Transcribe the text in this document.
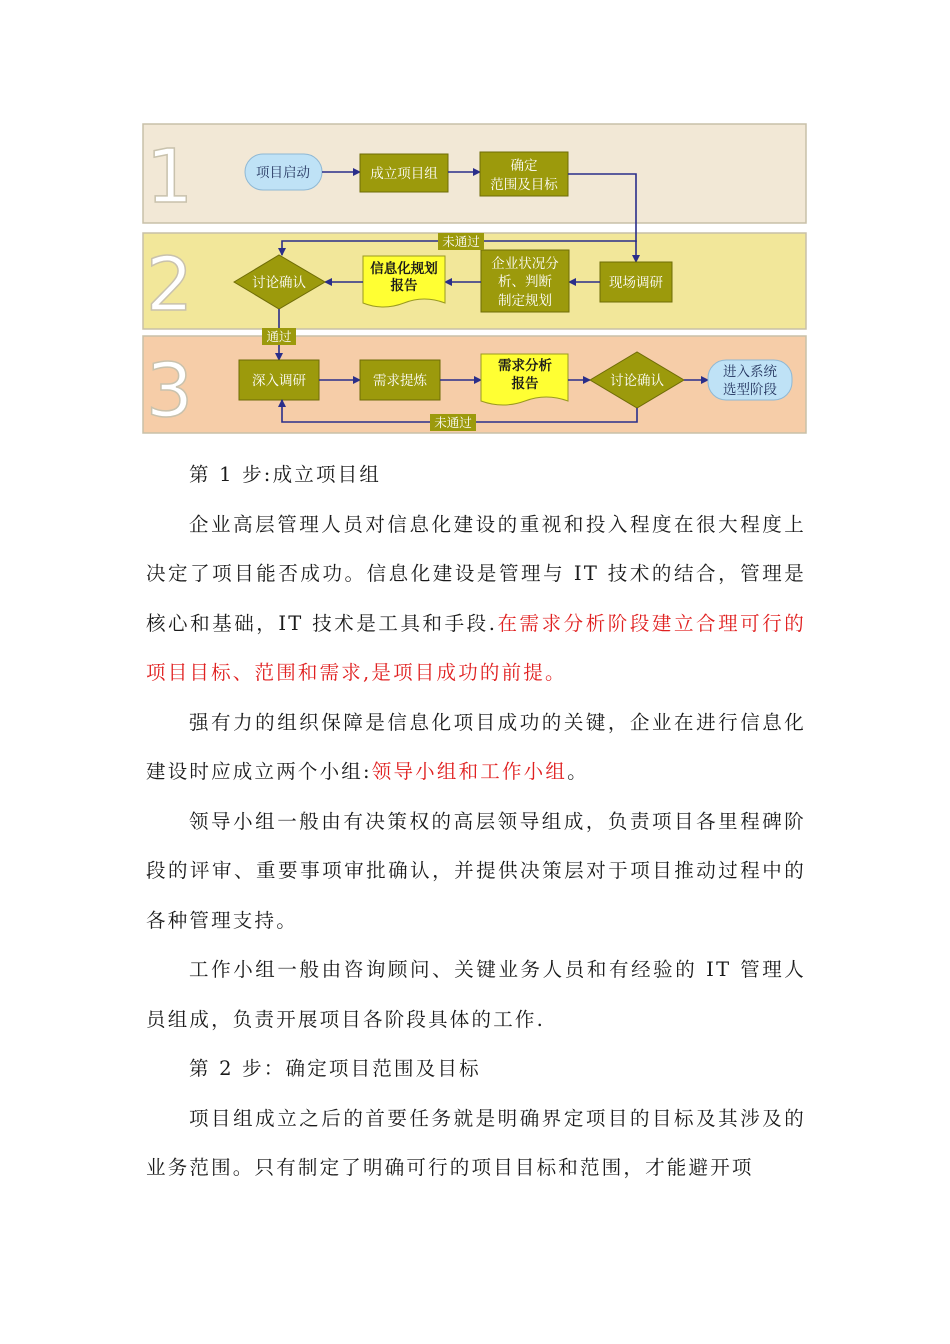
1
2
3
项目启动	成立项目组	确定
范围及目标
现场调研
企业状况分
析、判断
制定规划
信息化规划
报告
讨论确认
未通过
通过
深入调研	需求提炼
需求分析
报告	讨论确认
进入系统
选型阶段
未通过

第 1 步:成立项目组

企业高层管理人员对信息化建设的重视和投入程度在很大程度上决定了项目能否成功。信息化建设是管理与 IT 技术的结合，管理是核心和基础，IT 技术是工具和手段.在需求分析阶段建立合理可行的项目目标、范围和需求,是项目成功的前提。

强有力的组织保障是信息化项目成功的关键，企业在进行信息化建设时应成立两个小组:领导小组和工作小组。

领导小组一般由有决策权的高层领导组成，负责项目各里程碑阶段的评审、重要事项审批确认，并提供决策层对于项目推动过程中的各种管理支持。

工作小组一般由咨询顾问、关键业务人员和有经验的 IT 管理人员组成，负责开展项目各阶段具体的工作.

第 2 步：确定项目范围及目标

项目组成立之后的首要任务就是明确界定项目的目标及其涉及的业务范围。只有制定了明确可行的项目目标和范围，才能避开项
